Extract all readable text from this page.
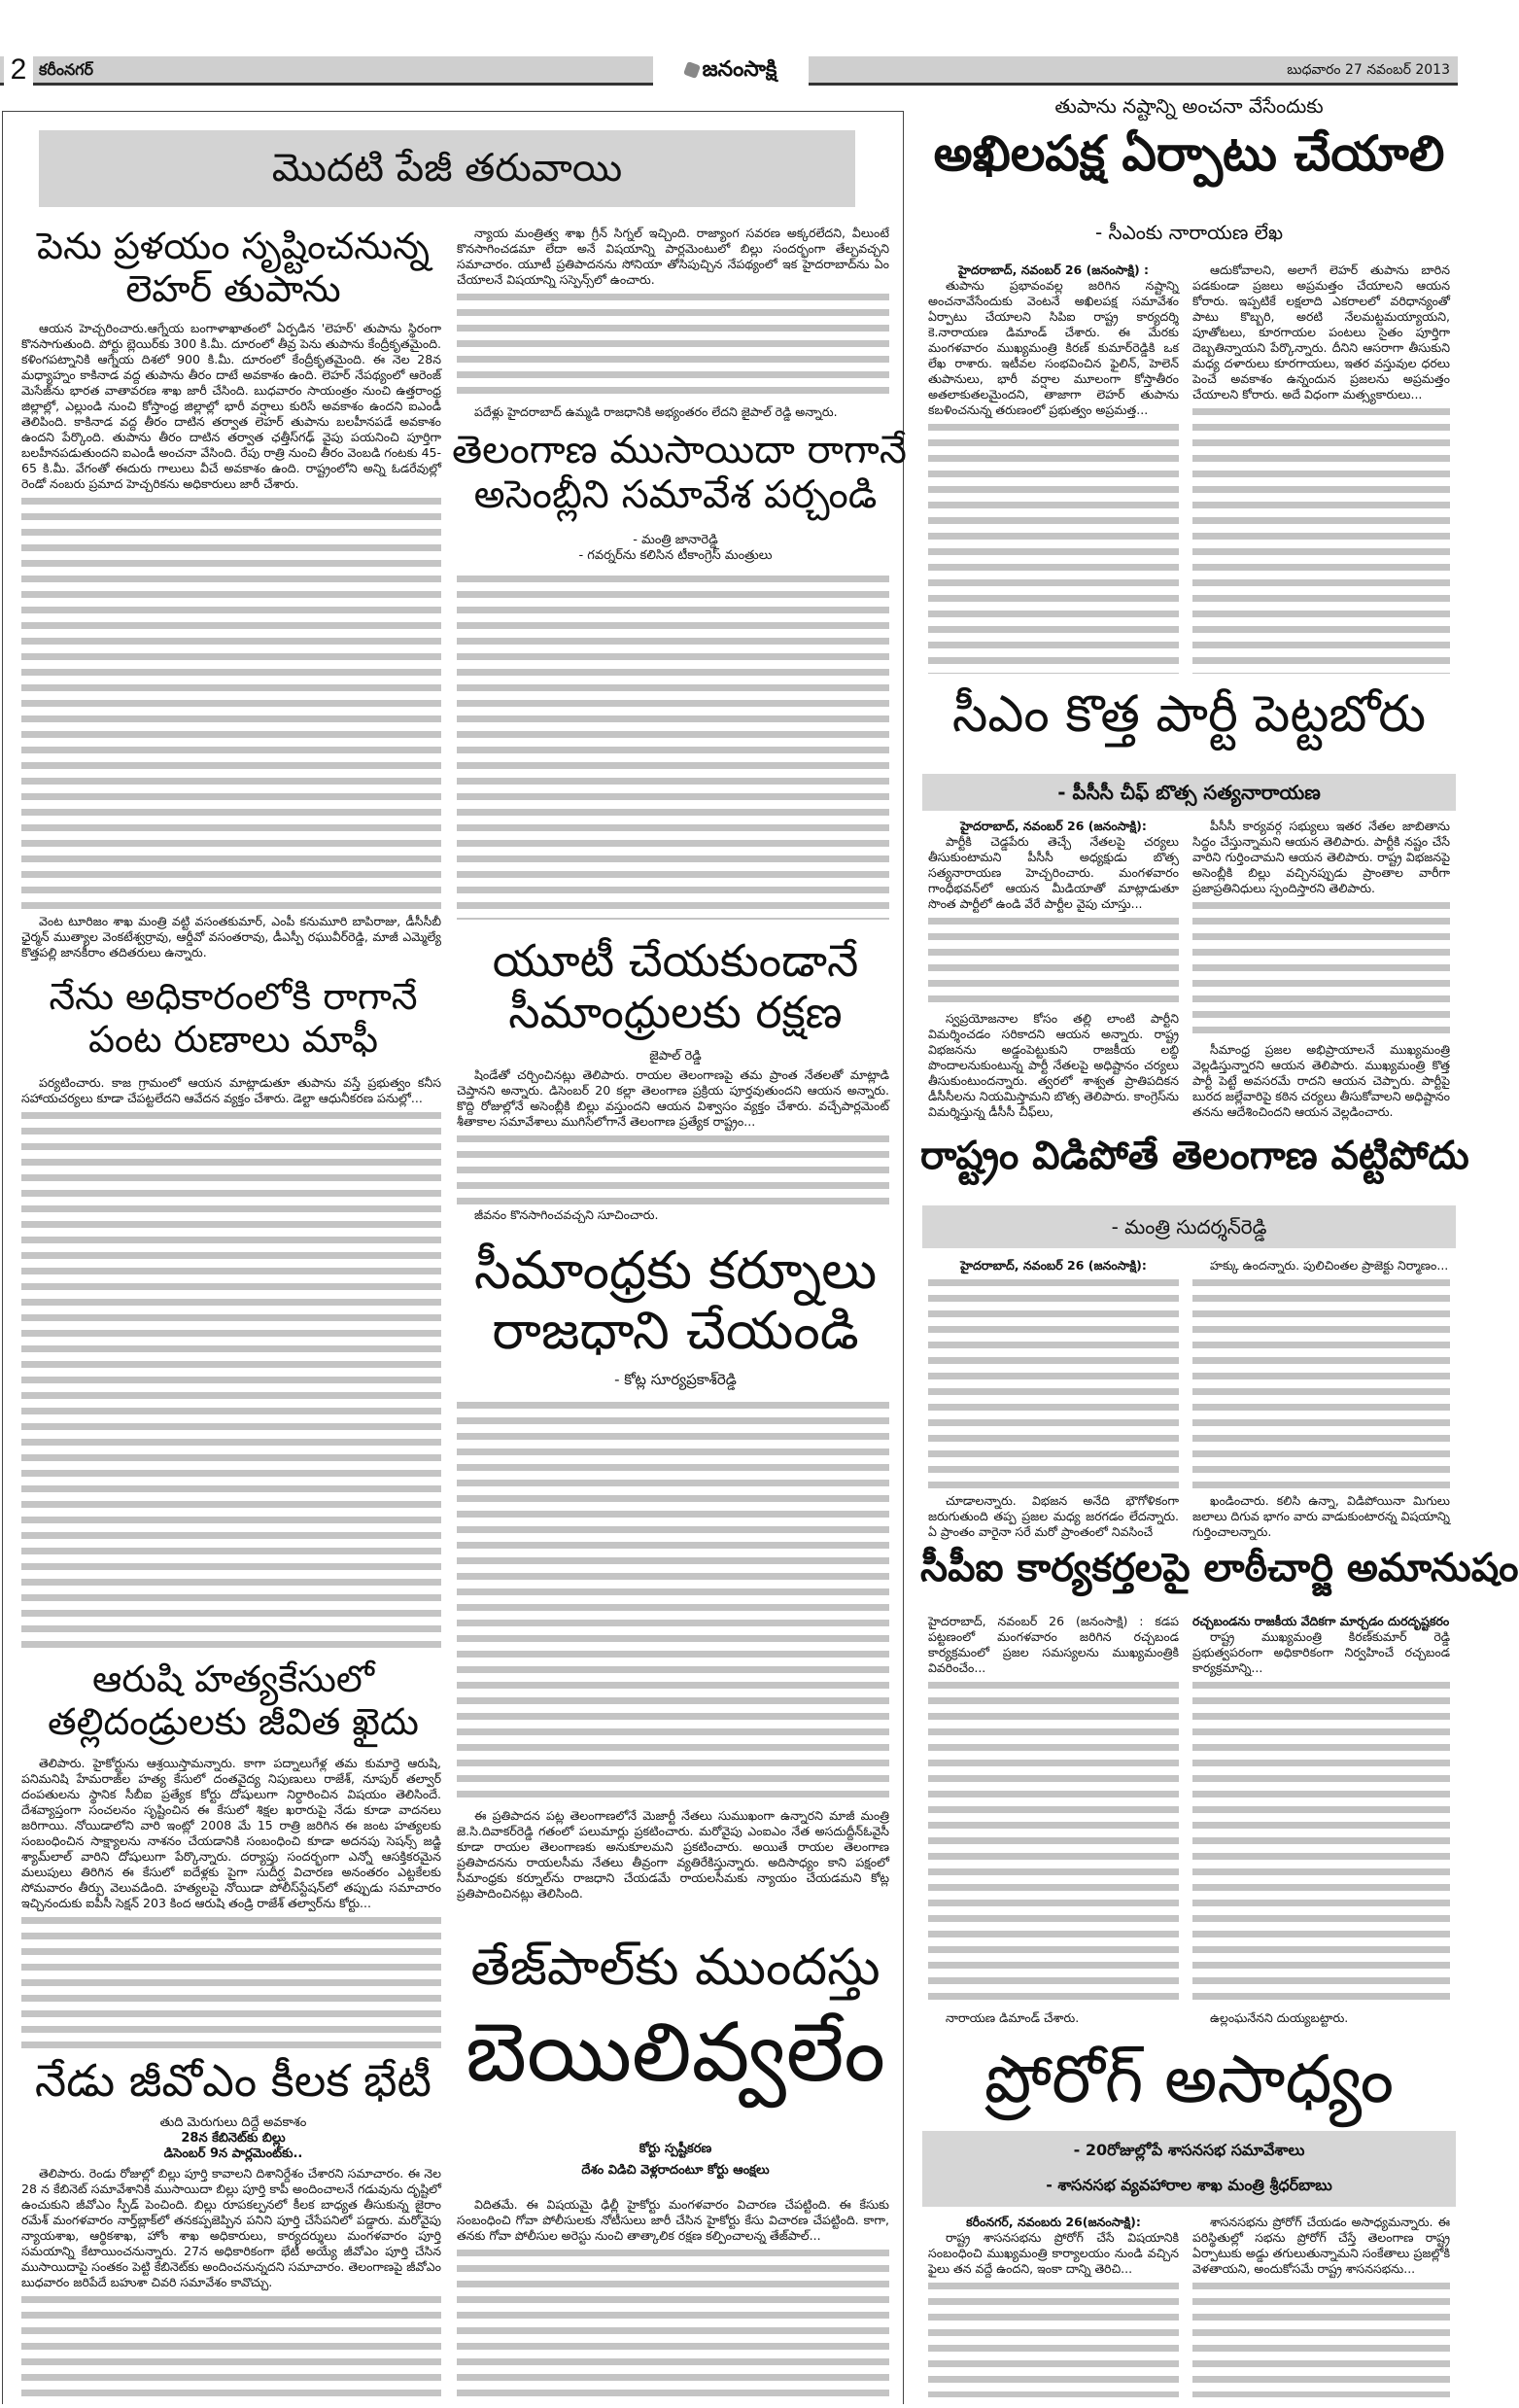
2 కరీంనగర్	జనంసాక్షి	బుధవారం 27 నవంబర్ 2013
మొదటి పేజీ తరువాయి
పెను ప్రళయం సృష్టించనున్న
లెహర్ తుపాను

ఆయన హెచ్చరించారు.ఆగ్నేయ బంగాళాఖాతంలో ఏర్పడిన 'లెహర్' తుపాను స్థిరంగా కొనసాగుతుంది. పోర్టు బ్లెయిర్‌కు 300 కి.మీ. దూరంలో తీవ్ర పెను తుపాను కేంద్రీకృతమైంది. కళింగపట్నానికి ఆగ్నేయ దిశలో 900 కి.మీ. దూరంలో కేంద్రీకృతమైంది. ఈ నెల 28న మధ్యాహ్నం కాకినాడ వద్ద తుపాను తీరం దాటే అవకాశం ఉంది. లెహర్ నేపథ్యంలో ఆరెంజ్ మెసేజ్‌ను భారత వాతావరణ శాఖ జారీ చేసింది. బుధవారం సాయంత్రం నుంచి ఉత్తరాంధ్ర జిల్లాల్లో, ఎల్లుండి నుంచి కోస్తాంధ్ర జిల్లాల్లో భారీ వర్షాలు కురిసే అవకాశం ఉందని ఐఎండీ తెలిపింది. కాకినాడ వద్ద తీరం దాటిన తర్వాత లెహర్ తుపాను బలహీనపడే అవకాశం ఉందని పేర్కొంది. తుపాను తీరం దాటిన తర్వాత ఛత్తీస్‌గఢ్ వైపు పయనించి పూర్తిగా బలహీనపడుతుందని ఐఎండీ అంచనా వేసింది. రేపు రాత్రి నుంచి తీరం వెంబడి గంటకు 45-65 కి.మీ. వేగంతో ఈదురు గాలులు వీచే అవకాశం ఉంది. రాష్ట్రంలోని అన్ని ఓడరేవుల్లో రెండో నంబరు ప్రమాద హెచ్చరికను అధికారులు జారీ చేశారు.

వెంట టూరిజం శాఖ మంత్రి వట్టి వసంతకుమార్, ఎంపీ కనుమూరి బాపిరాజు, డీసీసీబీ ఛైర్మన్ ముత్యాల వెంకటేశ్వర్రావు, ఆర్డీవో వసంతరావు, డీఎస్పీ రఘువీర్‌రెడ్డి, మాజీ ఎమ్మెల్యే కొత్తపల్లి జానకీరాం తదితరులు ఉన్నారు.

నేను అధికారంలోకి రాగానే
పంట రుణాలు మాఫీ

పర్యటించారు. కాజ గ్రామంలో ఆయన మాట్లాడుతూ తుపాను వస్తే ప్రభుత్వం కనీస సహాయచర్యలు కూడా చేపట్టలేదని ఆవేదన వ్యక్తం చేశారు. డెల్టా ఆధునీకరణ పనుల్లో...

ఆరుషి హత్యకేసులో
తల్లిదండ్రులకు జీవిత ఖైదు

తెలిపారు. హైకోర్టును ఆశ్రయిస్తామన్నారు. కాగా పద్నాలుగేళ్ల తమ కుమార్తె ఆరుషి, పనిమనిషి హేమరాజ్‌ల హత్య కేసులో దంతవైద్య నిపుణులు రాజేశ్, నూపుర్ తల్వార్ దంపతులను స్థానిక సీబీఐ ప్రత్యేక కోర్టు దోషులుగా నిర్ధారించిన విషయం తెలిసిందే. దేశవ్యాప్తంగా సంచలనం సృష్టించిన ఈ కేసులో శిక్షల ఖరారుపై నేడు కూడా వాదనలు జరిగాయి. నోయిడాలోని వారి ఇంట్లో 2008 మే 15 రాత్రి జరిగిన ఈ జంట హత్యలకు సంబంధించిన సాక్ష్యాలను నాశనం చేయడానికి సంబంధించి కూడా అదనపు సెషన్స్ జడ్జి శ్యామ్‌లాల్ వారిని దోషులుగా పేర్కొన్నారు. దర్యాప్తు సందర్భంగా ఎన్నో ఆసక్తికరమైన మలుపులు తిరిగిన ఈ కేసులో ఐదేళ్లకు పైగా సుదీర్ఘ విచారణ అనంతరం ఎట్టకేలకు సోమవారం తీర్పు వెలువడింది. హత్యలపై నోయిడా పోలీస్‌స్టేషన్‌లో తప్పుడు సమాచారం ఇచ్చినందుకు ఐపీసీ సెక్షన్ 203 కింద ఆరుషి తండ్రి రాజేశ్ తల్వార్‌ను కోర్టు...

నేడు జీవోఎం కీలక భేటీ
తుది మెరుగులు దిద్దే అవకాశం
28న కేబినెట్‌కు బిల్లు
డిసెంబర్ 9న పార్లమెంట్‌కు..

తెలిపారు. రెండు రోజుల్లో బిల్లు పూర్తి కావాలని దిశానిర్దేశం చేశారని సమాచారం. ఈ నెల 28 న కేబినెట్ సమావేశానికి ముసాయిదా బిల్లు పూర్తి కాపీ అందించాలనే గడువును దృష్టిలో ఉంచుకుని జీవోఎం స్పీడ్ పెంచింది. బిల్లు రూపకల్పనలో కీలక బాధ్యత తీసుకున్న జైరాం రమేశ్ మంగళవారం నార్త్‌బ్లాక్‌లో తనకప్పజెప్పిన పనిని పూర్తి చేసేపనిలో పడ్డారు. మరోవైపు న్యాయశాఖ, ఆర్థికశాఖ, హోం శాఖ అధికారులు, కార్యదర్శులు మంగళవారం పూర్తి సమయాన్ని కేటాయించనున్నారు. 27న అధికారికంగా భేటీ అయ్యే జీవోఎం పూర్తి చేసిన ముసాయిదాపై సంతకం పెట్టి కేబినెట్‌కు అందించనున్నదని సమాచారం. తెలంగాణపై జీవోఎం బుధవారం జరిపేదే బహుశా చివరి సమావేశం కావొచ్చు.

న్యాయ మంత్రిత్వ శాఖ గ్రీన్ సిగ్నల్ ఇచ్చింది. రాజ్యాంగ సవరణ అక్కరలేదని, వీలుంటే కొనసాగించడమా లేదా అనే విషయాన్ని పార్లమెంటులో బిల్లు సందర్భంగా తేల్చవచ్చని సమాచారం. యూటీ ప్రతిపాదనను సోనియా తోసిపుచ్చిన నేపథ్యంలో ఇక హైదరాబాద్‌ను ఏం చేయాలనే విషయాన్ని సస్పెన్స్‌లో ఉంచారు.

పదేళ్లు హైదరాబాద్ ఉమ్మడి రాజధానికి అభ్యంతరం లేదని జైపాల్ రెడ్డి అన్నారు.

తెలంగాణ ముసాయిదా రాగానే
అసెంబ్లీని సమావేశ పర్చండి
- మంత్రి జానారెడ్డి
- గవర్నర్‌ను కలిసిన టీకాంగ్రెస్ మంత్రులు
యూటీ చేయకుండానే
సీమాంధ్రులకు రక్షణ
జైపాల్ రెడ్డి

షిండేతో చర్చించినట్లు తెలిపారు. రాయల తెలంగాణపై తమ ప్రాంత నేతలతో మాట్లాడి చెప్తానని అన్నారు. డిసెంబర్ 20 కల్లా తెలంగాణ ప్రక్రియ పూర్తవుతుందని ఆయన అన్నారు. కొద్ది రోజుల్లోనే అసెంబ్లీకి బిల్లు వస్తుందని ఆయన విశ్వాసం వ్యక్తం చేశారు. వచ్చేపార్లమెంట్ శీతాకాల సమావేశాలు ముగిసేలోగానే తెలంగాణ ప్రత్యేక రాష్ట్రం...

జీవనం కొనసాగించవచ్చని సూచించారు.

సీమాంధ్రకు కర్నూలు
రాజధాని చేయండి
- కోట్ల సూర్యప్రకాశ్‌రెడ్డి

ఈ ప్రతిపాదన పట్ల తెలంగాణలోనే మెజార్టీ నేతలు సుముఖంగా ఉన్నారని మాజీ మంత్రి జె.సి.దివాకర్‌రెడ్డి గతంలో పలుమార్లు ప్రకటించారు. మరోవైపు ఎంఐఎం నేత అసదుద్దీన్‌ఓవైసీ కూడా రాయల తెలంగాణకు అనుకూలమని ప్రకటించారు. అయితే రాయల తెలంగాణ ప్రతిపాదనను రాయలసీమ నేతలు తీవ్రంగా వ్యతిరేకిస్తున్నారు. అదిసాధ్యం కాని పక్షంలో సీమాంధ్రకు కర్నూల్‌ను రాజధాని చేయడమే రాయలసీమకు న్యాయం చేయడమని కోట్ల ప్రతిపాదించినట్లు తెలిసింది.

తేజ్‌పాల్‌కు ముందస్తు
బెయిలివ్వలేం
కోర్టు స్పష్టీకరణ
దేశం విడిచి వెళ్లరాదంటూ కోర్టు ఆంక్షలు

విదితమే. ఈ విషయమై ఢిల్లీ హైకోర్టు మంగళవారం విచారణ చేపట్టింది. ఈ కేసుకు సంబంధించి గోవా పోలీసులకు నోటీసులు జారీ చేసిన హైకోర్టు కేసు విచారణ చేపట్టింది. కాగా, తనకు గోవా పోలీసుల అరెస్టు నుంచి తాత్కాలిక రక్షణ కల్పించాలన్న తేజ్‌పాల్...

తుపాను నష్టాన్ని అంచనా వేసేందుకు
అఖిలపక్ష ఏర్పాటు చేయాలి
- సీఎంకు నారాయణ లేఖ

హైదరాబాద్, నవంబర్ 26 (జనంసాక్షి) :

తుపాను ప్రభావంవల్ల జరిగిన నష్టాన్ని అంచనావేసేందుకు వెంటనే అఖిలపక్ష సమావేశం ఏర్పాటు చేయాలని సిపిఐ రాష్ట్ర కార్యదర్శి కె.నారాయణ డిమాండ్ చేశారు. ఈ మేరకు మంగళవారం ముఖ్యమంత్రి కిరణ్ కుమార్‌రెడ్డికి ఒక లేఖ రాశారు. ఇటీవల సంభవించిన ఫైలిన్, హెలెన్ తుపానులు, భారీ వర్షాల మూలంగా కోస్తాతీరం అతలాకుతలమైందని, తాజాగా లెహర్ తుపాను కబళించనున్న తరుణంలో ప్రభుత్వం అప్రమత్త...

ఆదుకోవాలని, అలాగే లెహర్ తుపాను బారిన పడకుండా ప్రజలు అప్రమత్తం చేయాలని ఆయన కోరారు. ఇప్పటికే లక్షలాది ఎకరాలలో వరిధాన్యంతో పాటు కొబ్బరి, అరటి నేలమట్టమయ్యాయని, పూతోటలు, కూరగాయల పంటలు సైతం పూర్తిగా దెబ్బతిన్నాయని పేర్కొన్నారు. దీనిని ఆసరాగా తీసుకుని మధ్య దళారులు కూరగాయలు, ఇతర వస్తువుల ధరలు పెంచే అవకాశం ఉన్నందున ప్రజలను అప్రమత్తం చేయాలని కోరారు. అదే విధంగా మత్స్యకారులు...

సీఎం కొత్త పార్టీ పెట్టబోరు
- పీసీసీ చీఫ్ బొత్స సత్యనారాయణ

హైదరాబాద్, నవంబర్ 26 (జనంసాక్షి):

పార్టీకి చెడ్డపేరు తెచ్చే నేతలపై చర్యలు తీసుకుంటామని పీసీసీ అధ్యక్షుడు బొత్స సత్యనారాయణ హెచ్చరించారు. మంగళవారం గాంధీభవన్‌లో ఆయన మీడియాతో మాట్లాడుతూ సొంత పార్టీలో ఉండి వేరే పార్టీల వైపు చూస్తు...

స్వప్రయోజనాల కోసం తల్లి లాంటి పార్టీని విమర్శించడం సరికాదని ఆయన అన్నారు. రాష్ట్ర విభజనను అడ్డంపెట్టుకుని రాజకీయ లబ్ధి పొందాలనుకుంటున్న పార్టీ నేతలపై అధిష్టానం చర్యలు తీసుకుంటుందన్నారు. త్వరలో శాశ్వత ప్రాతిపదికన డీసీసీలను నియమిస్తామని బొత్స తెలిపారు. కాంగ్రెస్‌ను విమర్శిస్తున్న డీసీసీ చీఫ్‌లు,

పీసీసీ కార్యవర్గ సభ్యులు ఇతర నేతల జాబితాను సిద్ధం చేస్తున్నామని ఆయన తెలిపారు. పార్టీకి నష్టం చేసే వారిని గుర్తించామని ఆయన తెలిపారు. రాష్ట్ర విభజనపై అసెంబ్లీకి బిల్లు వచ్చినప్పుడు ప్రాంతాల వారీగా ప్రజాప్రతినిధులు స్పందిస్తారని తెలిపారు.

సీమాంధ్ర ప్రజల అభిప్రాయాలనే ముఖ్యమంత్రి వెల్లడిస్తున్నారని ఆయన తెలిపారు. ముఖ్యమంత్రి కొత్త పార్టీ పెట్టే అవసరమే రాదని ఆయన చెప్పారు. పార్టీపై బురద జల్లేవారిపై కఠిన చర్యలు తీసుకోవాలని అధిష్టానం తనను ఆదేశించిందని ఆయన వెల్లడించారు.

రాష్ట్రం విడిపోతే తెలంగాణ వట్టిపోదు
- మంత్రి సుదర్శన్‌రెడ్డి

హైదరాబాద్, నవంబర్ 26 (జనంసాక్షి):

చూడాలన్నారు. విభజన అనేది భౌగోళికంగా జరుగుతుంది తప్ప ప్రజల మధ్య జరగడం లేదన్నారు. ఏ ప్రాంతం వారైనా సరే మరో ప్రాంతంలో నివసించే

హక్కు ఉందన్నారు. పులిచింతల ప్రాజెక్టు నిర్మాణం...

ఖండించారు. కలిసి ఉన్నా, విడిపోయినా మిగులు జలాలు దిగువ భాగం వారు వాడుకుంటారన్న విషయాన్ని గుర్తించాలన్నారు.

సీపీఐ కార్యకర్తలపై లాఠీచార్జి అమానుషం

హైదరాబాద్, నవంబర్ 26 (జనంసాక్షి) : కడప పట్టణంలో మంగళవారం జరిగిన రచ్చబండ కార్యక్రమంలో ప్రజల సమస్యలను ముఖ్యమంత్రికి వివరించేం...

నారాయణ డిమాండ్ చేశారు.

రచ్చబండను రాజకీయ వేదికగా మార్చడం దురదృష్టకరం

రాష్ట్ర ముఖ్యమంత్రి కిరణ్‌కుమార్ రెడ్డి ప్రభుత్వపరంగా అధికారికంగా నిర్వహించే రచ్చబండ కార్యక్రమాన్ని...

ఉల్లంఘనేనని దుయ్యబట్టారు.

ప్రోరోగ్ అసాధ్యం
- 20రోజుల్లోపే శాసనసభ సమావేశాలు
- శాసనసభ వ్యవహారాల శాఖ మంత్రి శ్రీధర్‌బాబు

కరీంనగర్, నవంబరు 26(జనంసాక్షి):

రాష్ట్ర శాసనసభను ప్రోరోగ్ చేసే విషయానికి సంబంధించి ముఖ్యమంత్రి కార్యాలయం నుండి వచ్చిన ఫైలు తన వద్దే ఉందని, ఇంకా దాన్ని తెరిచి...

శాసనసభను ప్రోరోగ్ చేయడం అసాధ్యమన్నారు. ఈ పరిస్థితుల్లో సభను ప్రోరోగ్ చేస్తే తెలంగాణ రాష్ట్ర ఏర్పాటుకు అడ్డు తగులుతున్నామని సంకేతాలు ప్రజల్లోకి వెళతాయని, అందుకోసమే రాష్ట్ర శాసనసభను...
